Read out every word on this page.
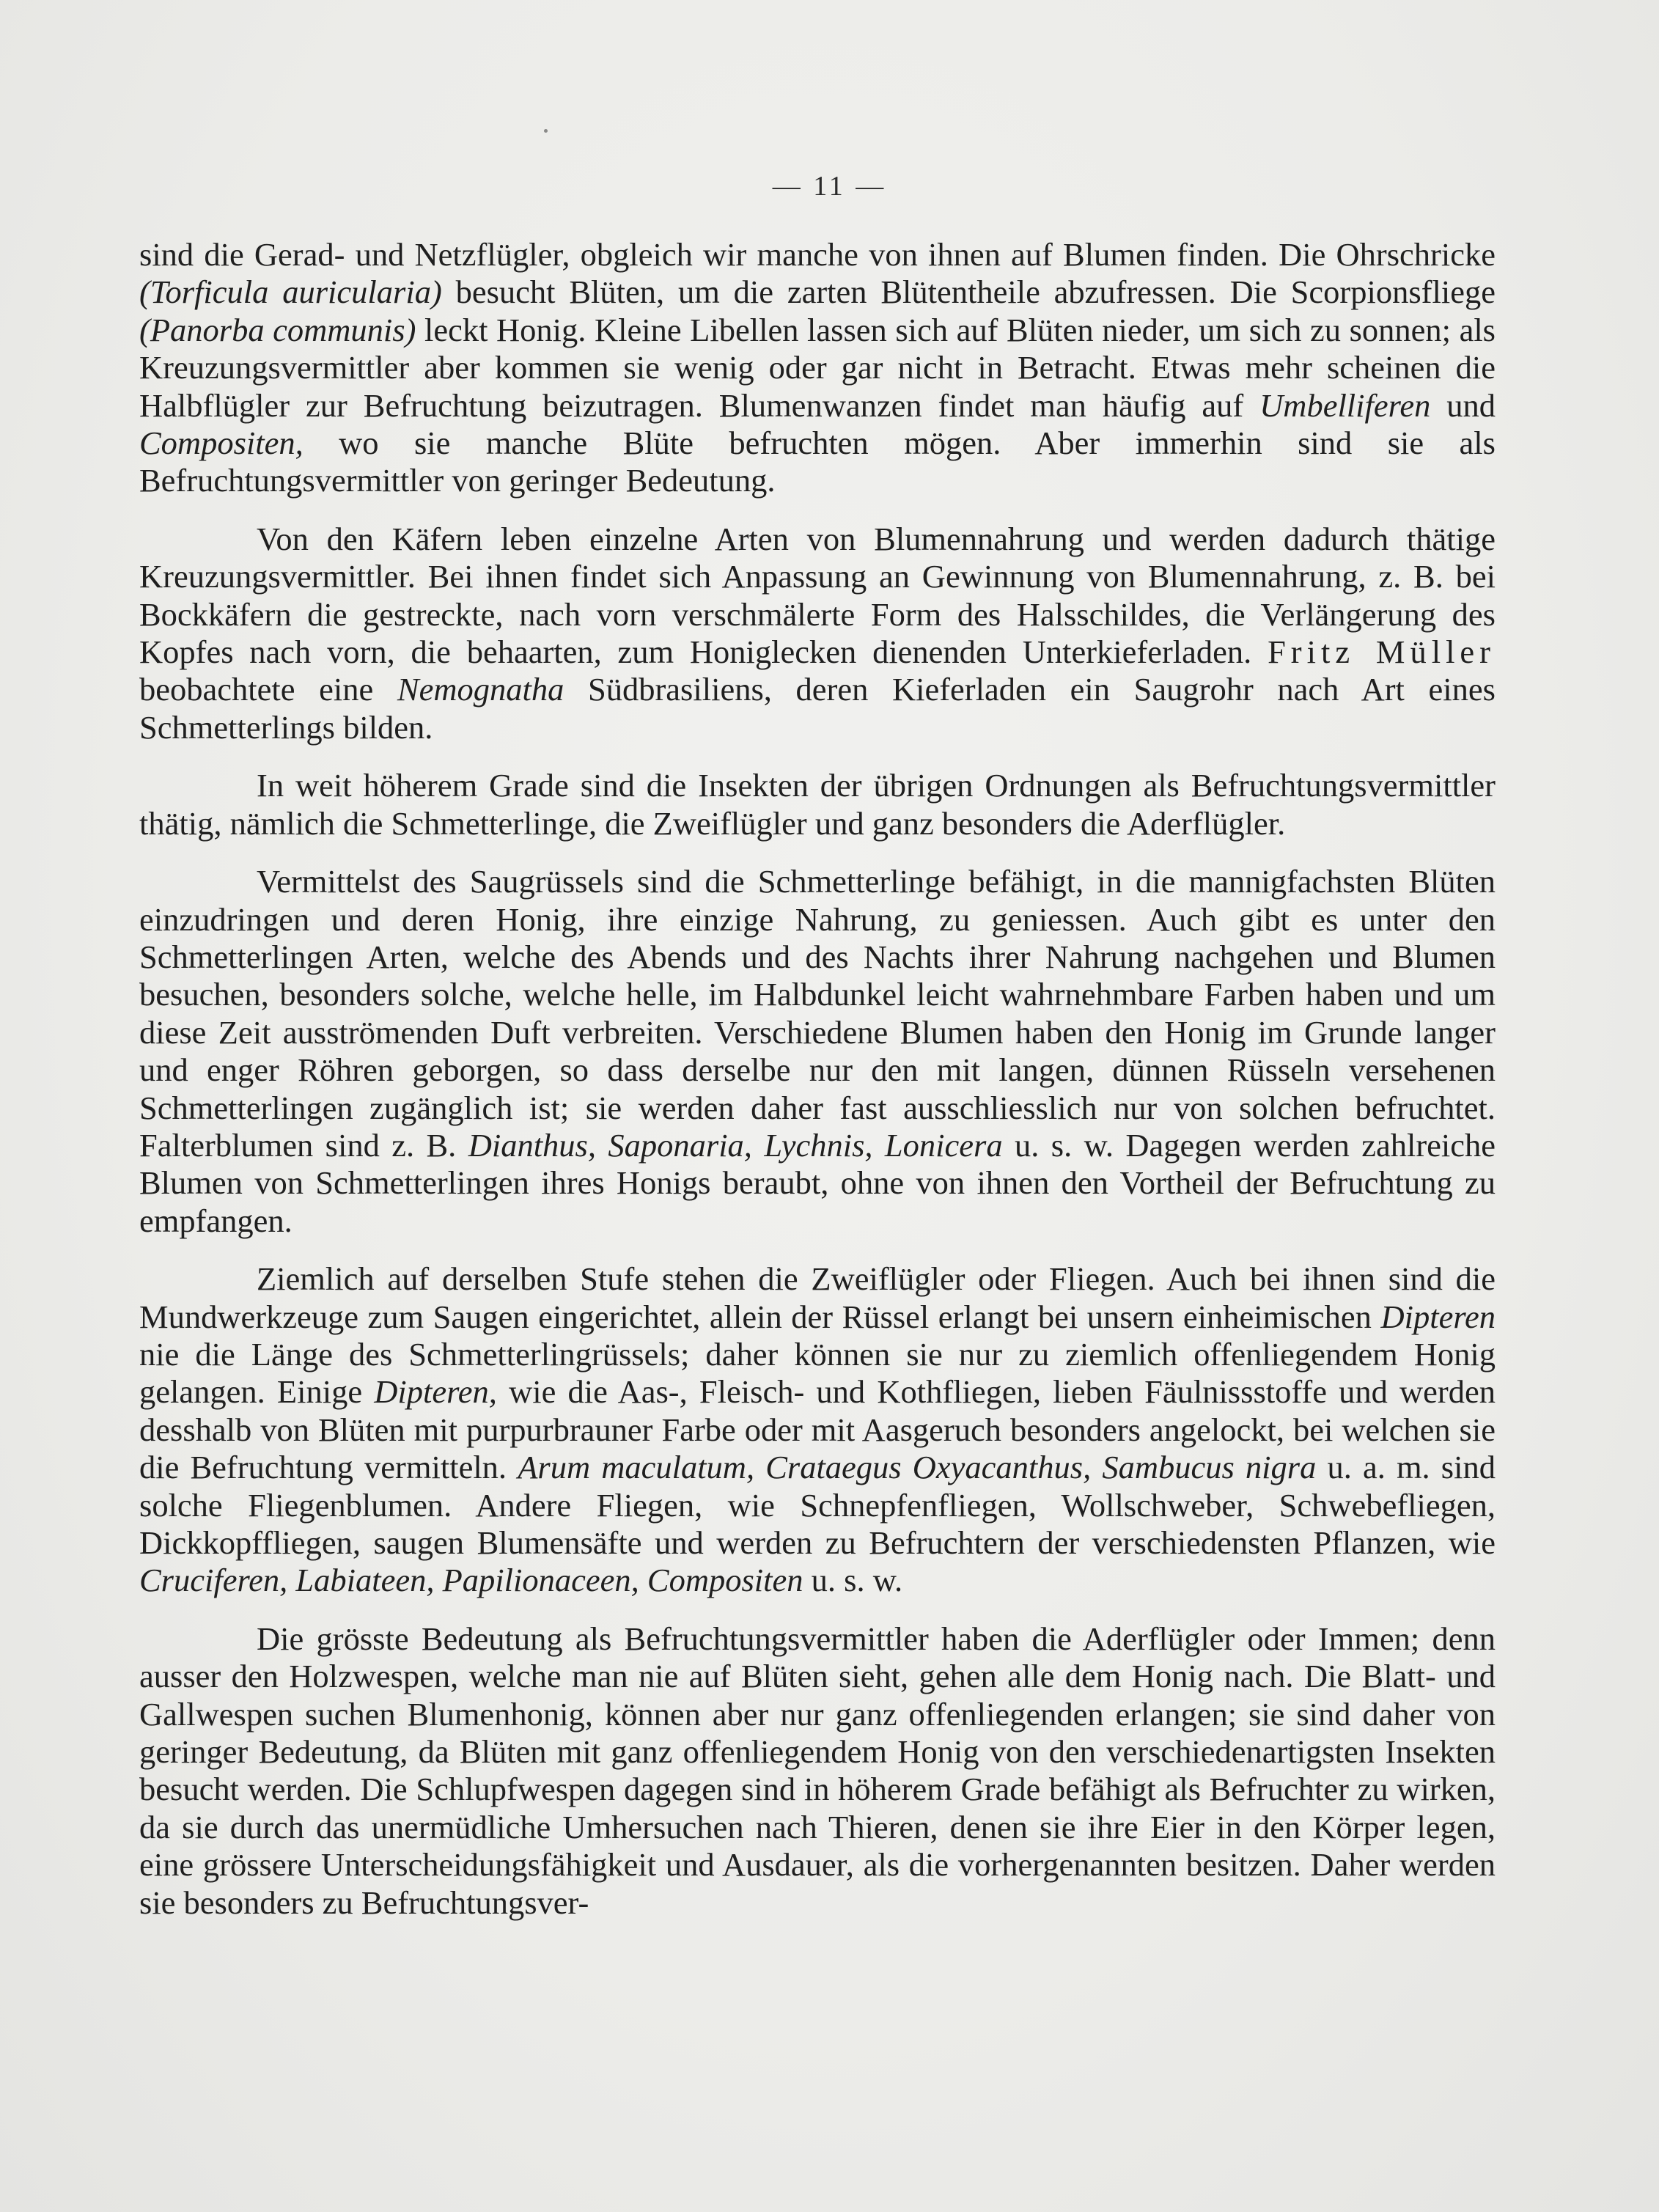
— 11 —

sind die Gerad- und Netzflügler, obgleich wir manche von ihnen auf Blumen finden. Die Ohrschricke (Torficula auricularia) besucht Blüten, um die zarten Blütentheile abzufressen. Die Scorpionsfliege (Panorba communis) leckt Honig. Kleine Libellen lassen sich auf Blüten nieder, um sich zu sonnen; als Kreuzungsvermittler aber kommen sie wenig oder gar nicht in Betracht. Etwas mehr scheinen die Halbflügler zur Befruchtung beizutragen. Blumenwanzen findet man häufig auf Umbelliferen und Compositen, wo sie manche Blüte befruchten mögen. Aber immerhin sind sie als Befruchtungsvermittler von geringer Bedeutung.

Von den Käfern leben einzelne Arten von Blumennahrung und werden dadurch thätige Kreuzungsvermittler. Bei ihnen findet sich Anpassung an Gewinnung von Blumennahrung, z. B. bei Bockkäfern die gestreckte, nach vorn verschmälerte Form des Halsschildes, die Verlängerung des Kopfes nach vorn, die behaarten, zum Honiglecken dienenden Unterkieferladen. Fritz Müller beobachtete eine Nemognatha Südbrasiliens, deren Kieferladen ein Saugrohr nach Art eines Schmetterlings bilden.

In weit höherem Grade sind die Insekten der übrigen Ordnungen als Befruchtungsvermittler thätig, nämlich die Schmetterlinge, die Zweiflügler und ganz besonders die Aderflügler.

Vermittelst des Saugrüssels sind die Schmetterlinge befähigt, in die mannigfachsten Blüten einzudringen und deren Honig, ihre einzige Nahrung, zu geniessen. Auch gibt es unter den Schmetterlingen Arten, welche des Abends und des Nachts ihrer Nahrung nachgehen und Blumen besuchen, besonders solche, welche helle, im Halbdunkel leicht wahrnehmbare Farben haben und um diese Zeit ausströmenden Duft verbreiten. Verschiedene Blumen haben den Honig im Grunde langer und enger Röhren geborgen, so dass derselbe nur den mit langen, dünnen Rüsseln versehenen Schmetterlingen zugänglich ist; sie werden daher fast ausschliesslich nur von solchen befruchtet. Falterblumen sind z. B. Dianthus, Saponaria, Lychnis, Lonicera u. s. w. Dagegen werden zahlreiche Blumen von Schmetterlingen ihres Honigs beraubt, ohne von ihnen den Vortheil der Befruchtung zu empfangen.

Ziemlich auf derselben Stufe stehen die Zweiflügler oder Fliegen. Auch bei ihnen sind die Mundwerkzeuge zum Saugen eingerichtet, allein der Rüssel erlangt bei unsern einheimischen Dipteren nie die Länge des Schmetterlingrüssels; daher können sie nur zu ziemlich offenliegendem Honig gelangen. Einige Dipteren, wie die Aas-, Fleisch- und Kothfliegen, lieben Fäulnissstoffe und werden desshalb von Blüten mit purpurbrauner Farbe oder mit Aasgeruch besonders angelockt, bei welchen sie die Befruchtung vermitteln. Arum maculatum, Crataegus Oxyacanthus, Sambucus nigra u. a. m. sind solche Fliegenblumen. Andere Fliegen, wie Schnepfenfliegen, Wollschweber, Schwebefliegen, Dickkopffliegen, saugen Blumensäfte und werden zu Befruchtern der verschiedensten Pflanzen, wie Cruciferen, Labiateen, Papilionaceen, Compositen u. s. w.

Die grösste Bedeutung als Befruchtungsvermittler haben die Aderflügler oder Immen; denn ausser den Holzwespen, welche man nie auf Blüten sieht, gehen alle dem Honig nach. Die Blatt- und Gallwespen suchen Blumenhonig, können aber nur ganz offenliegenden erlangen; sie sind daher von geringer Bedeutung, da Blüten mit ganz offenliegendem Honig von den verschiedenartigsten Insekten besucht werden. Die Schlupfwespen dagegen sind in höherem Grade befähigt als Befruchter zu wirken, da sie durch das unermüdliche Umhersuchen nach Thieren, denen sie ihre Eier in den Körper legen, eine grössere Unterscheidungsfähigkeit und Ausdauer, als die vorhergenannten besitzen. Daher werden sie besonders zu Befruchtungsver-
